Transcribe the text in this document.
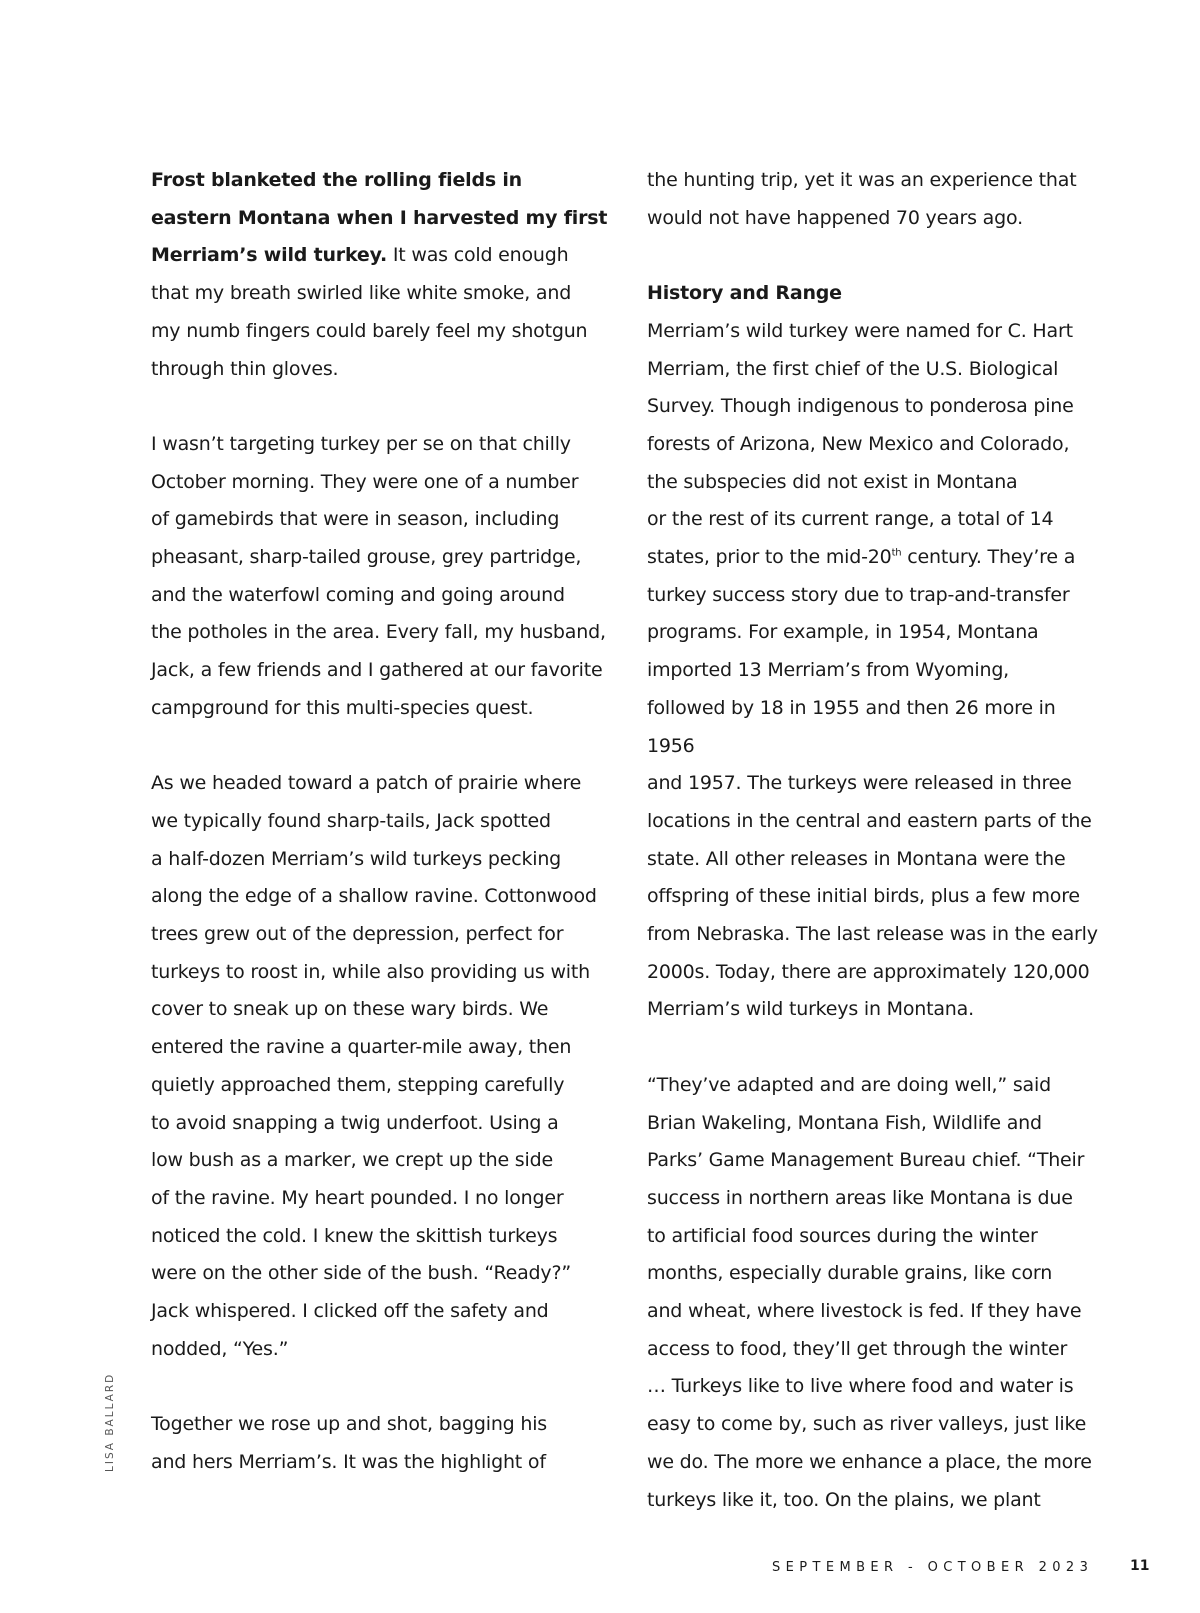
Frost blanketed the rolling fields in
eastern Montana when I harvested my first
Merriam’s wild turkey. It was cold enough
that my breath swirled like white smoke, and
my numb fingers could barely feel my shotgun
through thin gloves.

I wasn’t targeting turkey per se on that chilly
October morning. They were one of a number
of gamebirds that were in season, including
pheasant, sharp-tailed grouse, grey partridge,
and the waterfowl coming and going around
the potholes in the area. Every fall, my husband,
Jack, a few friends and I gathered at our favorite
campground for this multi-species quest.

As we headed toward a patch of prairie where
we typically found sharp-tails, Jack spotted
a half-dozen Merriam’s wild turkeys pecking
along the edge of a shallow ravine. Cottonwood
trees grew out of the depression, perfect for
turkeys to roost in, while also providing us with
cover to sneak up on these wary birds. We
entered the ravine a quarter-mile away, then
quietly approached them, stepping carefully
to avoid snapping a twig underfoot. Using a
low bush as a marker, we crept up the side
of the ravine. My heart pounded. I no longer
noticed the cold. I knew the skittish turkeys
were on the other side of the bush. “Ready?”
Jack whispered. I clicked off the safety and
nodded, “Yes.”

Together we rose up and shot, bagging his
and hers Merriam’s. It was the highlight of

the hunting trip, yet it was an experience that
would not have happened 70 years ago.

History and Range

Merriam’s wild turkey were named for C. Hart
Merriam, the first chief of the U.S. Biological
Survey. Though indigenous to ponderosa pine
forests of Arizona, New Mexico and Colorado,
the subspecies did not exist in Montana
or the rest of its current range, a total of 14
states, prior to the mid-20th century. They’re a
turkey success story due to trap-and-transfer
programs. For example, in 1954, Montana
imported 13 Merriam’s from Wyoming,
followed by 18 in 1955 and then 26 more in 1956
and 1957. The turkeys were released in three
locations in the central and eastern parts of the
state. All other releases in Montana were the
offspring of these initial birds, plus a few more
from Nebraska. The last release was in the early
2000s. Today, there are approximately 120,000
Merriam’s wild turkeys in Montana.

“They’ve adapted and are doing well,” said
Brian Wakeling, Montana Fish, Wildlife and
Parks’ Game Management Bureau chief. “Their
success in northern areas like Montana is due
to artificial food sources during the winter
months, especially durable grains, like corn
and wheat, where livestock is fed. If they have
access to food, they’ll get through the winter
… Turkeys like to live where food and water is
easy to come by, such as river valleys, just like
we do. The more we enhance a place, the more
turkeys like it, too. On the plains, we plant

LISA BALLARD
SEPTEMBER - OCTOBER 2023	11
